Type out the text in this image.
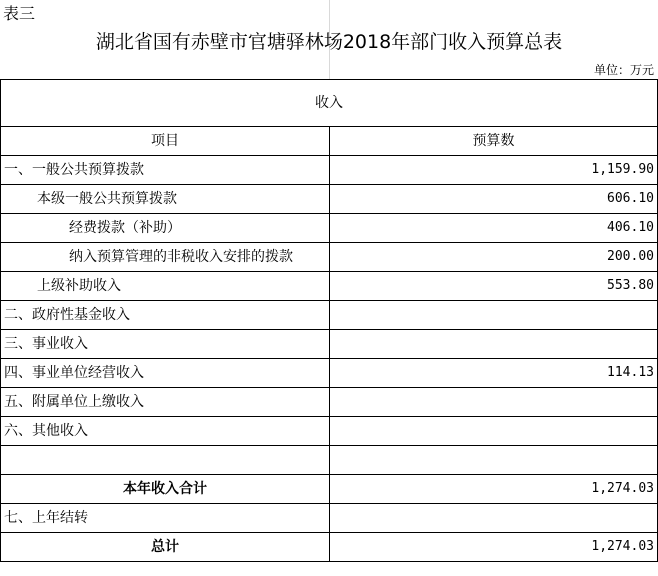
表三
湖北省国有赤壁市官塘驿林场2018年部门收入预算总表
单位：万元
收入	
项目	预算数
一、一般公共预算拨款	1,159.90
本级一般公共预算拨款	606.10
经费拨款（补助）	406.10
纳入预算管理的非税收入安排的拨款	200.00
上级补助收入	553.80
二、政府性基金收入	
三、事业收入	
四、事业单位经营收入	114.13
五、附属单位上缴收入	
六、其他收入	

本年收入合计	1,274.03
七、上年结转	
总计	1,274.03
